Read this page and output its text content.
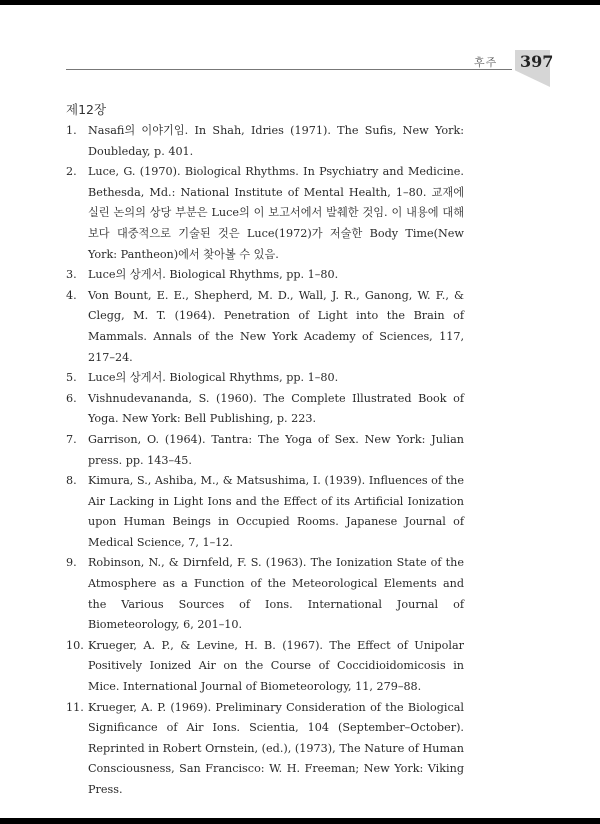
후주 397
제12장
1. Nasafi의 이야기임. In Shah, Idries (1971). The Sufis, New York: Doubleday, p. 401.
2. Luce, G. (1970). Biological Rhythms. In Psychiatry and Medicine. Bethesda, Md.: National Institute of Mental Health, 1–80. 교재에 실린 논의의 상당 부분은 Luce의 이 보고서에서 발췌한 것임. 이 내용에 대해 보다 대중적으로 기술된 것은 Luce(1972)가 저술한 Body Time(New York: Pantheon)에서 찾아볼 수 있음.
3. Luce의 상게서. Biological Rhythms, pp. 1–80.
4. Von Bount, E. E., Shepherd, M. D., Wall, J. R., Ganong, W. F., & Clegg, M. T. (1964). Penetration of Light into the Brain of Mammals. Annals of the New York Academy of Sciences, 117, 217–24.
5. Luce의 상게서. Biological Rhythms, pp. 1–80.
6. Vishnudevananda, S. (1960). The Complete Illustrated Book of Yoga. New York: Bell Publishing, p. 223.
7. Garrison, O. (1964). Tantra: The Yoga of Sex. New York: Julian press. pp. 143–45.
8. Kimura, S., Ashiba, M., & Matsushima, I. (1939). Influences of the Air Lacking in Light Ions and the Effect of its Artificial Ionization upon Human Beings in Occupied Rooms. Japanese Journal of Medical Science, 7, 1–12.
9. Robinson, N., & Dirnfeld, F. S. (1963). The Ionization State of the Atmosphere as a Function of the Meteorological Elements and the Various Sources of Ions. International Journal of Biometeorology, 6, 201–10.
10. Krueger, A. P., & Levine, H. B. (1967). The Effect of Unipolar Positively Ionized Air on the Course of Coccidioidomicosis in Mice. International Journal of Biometeorology, 11, 279–88.
11. Krueger, A. P. (1969). Preliminary Consideration of the Biological Significance of Air Ions. Scientia, 104 (September–October). Reprinted in Robert Ornstein, (ed.), (1973), The Nature of Human Consciousness, San Francisco: W. H. Freeman; New York: Viking Press.
